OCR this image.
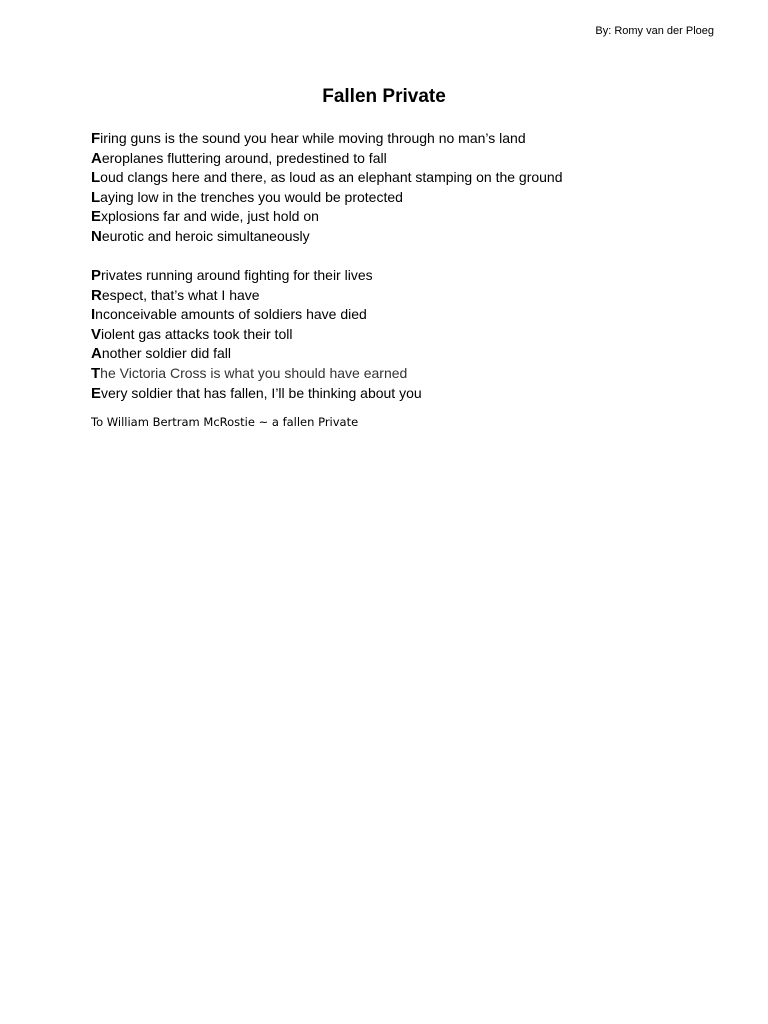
By: Romy van der Ploeg
Fallen Private
Firing guns is the sound you hear while moving through no man’s land
Aeroplanes fluttering around, predestined to fall
Loud clangs here and there, as loud as an elephant stamping on the ground
Laying low in the trenches you would be protected
Explosions far and wide, just hold on
Neurotic and heroic simultaneously
Privates running around fighting for their lives
Respect, that’s what I have
Inconceivable amounts of soldiers have died
Violent gas attacks took their toll
Another soldier did fall
The Victoria Cross is what you should have earned
Every soldier that has fallen, I’ll be thinking about you
To William Bertram McRostie ~ a fallen Private
